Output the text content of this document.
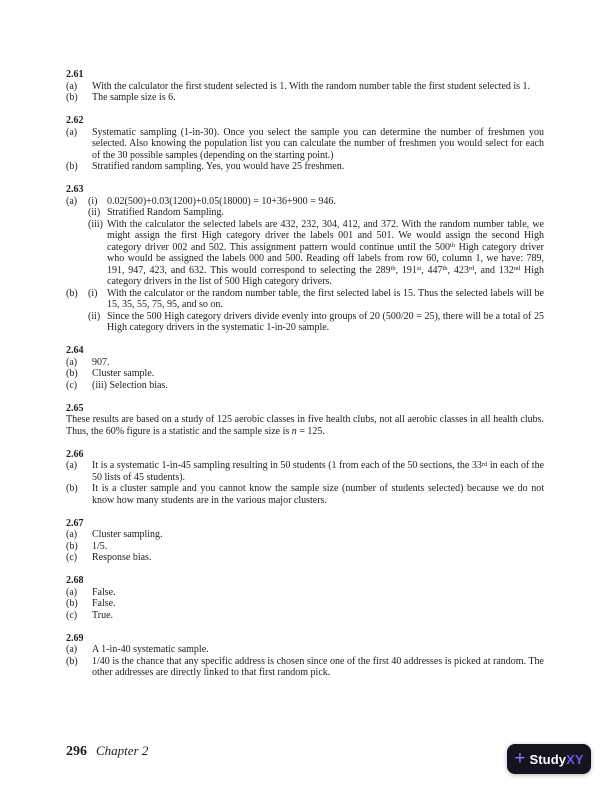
2.61
(a) With the calculator the first student selected is 1. With the random number table the first student selected is 1.
(b) The sample size is 6.
2.62
(a) Systematic sampling (1-in-30). Once you select the sample you can determine the number of freshmen you selected. Also knowing the population list you can calculate the number of freshmen you would select for each of the 30 possible samples (depending on the starting point.)
(b) Stratified random sampling. Yes, you would have 25 freshmen.
2.63
(a) (i) 0.02(500)+0.03(1200)+0.05(18000) = 10+36+900 = 946.
(ii) Stratified Random Sampling.
(iii) With the calculator the selected labels are 432, 232, 304, 412, and 372. With the random number table, we might assign the first High category driver the labels 001 and 501. We would assign the second High category driver 002 and 502. This assignment pattern would continue until the 500th High category driver who would be assigned the labels 000 and 500. Reading off labels from row 60, column 1, we have: 789, 191, 947, 423, and 632. This would correspond to selecting the 289th, 191st, 447th, 423rd, and 132nd High category drivers in the list of 500 High category drivers.
(b) (i) With the calculator or the random number table, the first selected label is 15. Thus the selected labels will be 15, 35, 55, 75, 95, and so on.
(ii) Since the 500 High category drivers divide evenly into groups of 20 (500/20 = 25), there will be a total of 25 High category drivers in the systematic 1-in-20 sample.
2.64
(a) 907.
(b) Cluster sample.
(c) (iii) Selection bias.
2.65
These results are based on a study of 125 aerobic classes in five health clubs, not all aerobic classes in all health clubs. Thus, the 60% figure is a statistic and the sample size is n = 125.
2.66
(a) It is a systematic 1-in-45 sampling resulting in 50 students (1 from each of the 50 sections, the 33rd in each of the 50 lists of 45 students).
(b) It is a cluster sample and you cannot know the sample size (number of students selected) because we do not know how many students are in the various major clusters.
2.67
(a) Cluster sampling.
(b) 1/5.
(c) Response bias.
2.68
(a) False.
(b) False.
(c) True.
2.69
(a) A 1-in-40 systematic sample.
(b) 1/40 is the chance that any specific address is chosen since one of the first 40 addresses is picked at random. The other addresses are directly linked to that first random pick.
296 Chapter 2	+ StudyXY
